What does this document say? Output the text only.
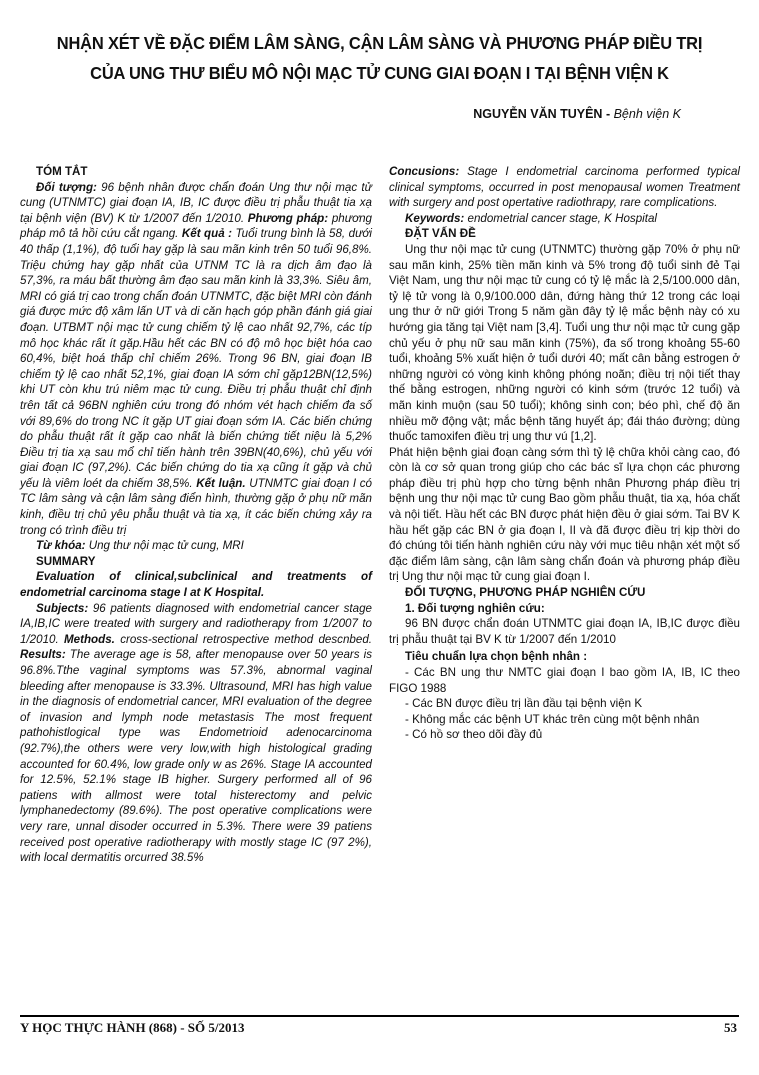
NHẬN XÉT VỀ ĐẶC ĐIỂM LÂM SÀNG, CẬN LÂM SÀNG VÀ PHƯƠNG PHÁP ĐIỀU TRỊ
CỦA UNG THƯ BIỂU MÔ NỘI MẠC TỬ CUNG GIAI ĐOẠN I TẠI BỆNH VIỆN K
NGUYỄN VĂN TUYÊN - Bệnh viện K

TÓM TẮT

Đối tượng: 96 bệnh nhân được chẩn đoán Ung thư nội mạc tử cung (UTNMTC) giai đoạn IA, IB, IC được điều trị phẫu thuật tia xạ tại bệnh viện (BV) K từ 1/2007 đến 1/2010. Phương pháp: phương pháp mô tả hồi cứu cắt ngang. Kết quả : Tuổi trung bình là 58, dưới 40 thấp (1,1%), độ tuổi hay gặp là sau mãn kinh trên 50 tuổi 96,8%. Triệu chứng hay gặp nhất của UTNM TC là ra dịch âm đạo là 57,3%, ra máu bất thường âm đạo sau mãn kinh là 33,3%. Siêu âm, MRI có giá trị cao trong chẩn đoán UTNMTC, đặc biệt MRI còn đánh giá được mức độ xâm lấn UT và di căn hạch góp phần đánh giá giai đoạn. UTBMT nội mạc tử cung chiếm tỷ lệ cao nhất 92,7%, các típ mô học khác rất ít gặp.Hầu hết các BN có độ mô học biệt hóa cao 60,4%, biệt hoá thấp chỉ chiếm 26%. Trong 96 BN, giai đoạn IB chiếm tỷ lệ cao nhất 52,1%, giai đoạn IA sớm chỉ gặp12BN(12,5%) khi UT còn khu trú niêm mạc tử cung. Điều trị phẫu thuật chỉ định trên tất cả 96BN nghiên cứu trong đó nhóm vét hạch chiếm đa số với 89,6% do trong NC ít gặp UT giai đoạn sớm IA. Các biến chứng do phẫu thuật rất ít gặp cao nhất là biến chứng tiết niệu là 5,2% Điều trị tia xạ sau mổ chỉ tiến hành trên 39BN(40,6%), chủ yếu với giai đoạn IC (97,2%). Các biến chứng do tia xạ cũng ít gặp và chủ yếu là viêm loét da chiếm 38,5%. Kết luận. UTNMTC giai đoạn I có TC lâm sàng và cận lâm sàng điển hình, thường gặp ở phụ nữ mãn kinh, điều trị chủ yêu phẫu thuật và tia xạ, ít các biến chứng xảy ra trong có trình điều trị

Từ khóa: Ung thư nội mạc tử cung, MRI

SUMMARY

Evaluation of clinical,subclinical and treatments of endometrial carcinoma stage I at K Hospital.

Subjects: 96 patients diagnosed with endometrial cancer stage IA,IB,IC were treated with surgery and radiotherapy from 1/2007 to 1/2010. Methods. cross-sectional retrospective method descnbed. Results: The average age is 58, after menopause over 50 years is 96.8%.Tthe vaginal symptoms was 57.3%, abnormal vaginal bleeding after menopause is 33.3%. Ultrasound, MRI has high value in the diagnosis of endometrial cancer, MRI evaluation of the degree of invasion and lymph node metastasis The most frequent pathohistlogical type was Endometrioid adenocarcinoma (92.7%),the others were very low,with high histological grading accounted for 60.4%, low grade only w as 26%. Stage IA accounted for 12.5%, 52.1% stage IB higher. Surgery performed all of 96 patiens with allmost were total histerectomy and pelvic lymphanedectomy (89.6%). The post operative complications were very rare, unnal disoder occurred in 5.3%. There were 39 patiens received post operative radiotherapy with mostly stage IC (97 2%), with local dermatitis orcurred 38.5%

Concusions: Stage I endometrial carcinoma performed typical clinical symptoms, occurred in post menopausal women Treatment with surgery and post opertative radiothrapy, rare complications.

Keywords: endometrial cancer stage, K Hospital

ĐẶT VẤN ĐỀ

Ung thư nội mạc tử cung (UTNMTC) thường gặp 70% ở phụ nữ sau mãn kinh, 25% tiền mãn kinh và 5% trong độ tuổi sinh đẻ Tại Việt Nam, ung thư nội mạc tử cung có tỷ lệ mắc là 2,5/100.000 dân, tỷ lệ tử vong là 0,9/100.000 dân, đứng hàng thứ 12 trong các loại ung thư ở nữ giới Trong 5 năm gần đây tỷ lệ mắc bệnh này có xu hướng gia tăng tại Việt nam [3,4]. Tuổi ung thư nội mạc tử cung gặp chủ yếu ở phụ nữ sau mãn kinh (75%), đa số trong khoảng 55-60 tuổi, khoảng 5% xuất hiện ở tuổi dưới 40; mất cân bằng estrogen ở những người có vòng kinh không phóng noãn; điều trị nội tiết thay thế bằng estrogen, những người có kinh sớm (trước 12 tuổi) và mãn kinh muộn (sau 50 tuổi); không sinh con; béo phì, chế độ ăn nhiều mỡ động vật; mắc bệnh tăng huyết áp; đái tháo đường; dùng thuốc tamoxifen điều trị ung thư vú [1,2].

Phát hiện bệnh giai đoạn càng sớm thì tỷ lệ chữa khỏi càng cao, đó còn là cơ sở quan trong giúp cho các bác sĩ lựa chọn các phương pháp điều trị phù hợp cho từng bệnh nhân Phương pháp điều trị bệnh ung thư nội mạc tử cung Bao gồm phẫu thuật, tia xạ, hóa chất và nội tiết. Hầu hết các BN được phát hiện đều ở giai sớm. Tai BV K hầu hết gặp các BN ở gia đoạn I, II và đã được điều trị kịp thời do đó chúng tôi tiến hành nghiên cứu này với mục tiêu nhận xét một số đặc điểm lâm sàng, cận lâm sàng chẩn đoán và phương pháp điều trị Ung thư nội mạc tử cung giai đoạn I.

ĐỐI TƯỢNG, PHƯƠNG PHÁP NGHIÊN CỨU

1. Đối tượng nghiên cứu:

96 BN được chẩn đoán UTNMTC giai đoạn IA, IB,IC được điều trị phẫu thuật tại BV K từ 1/2007 đến 1/2010

Tiêu chuẩn lựa chọn bệnh nhân :

- Các BN ung thư NMTC giai đoạn I bao gồm IA, IB, IC theo FIGO 1988

- Các BN được điều trị lần đầu tại bệnh viện K

- Không mắc các bệnh UT khác trên cùng một bệnh nhân

- Có hồ sơ theo dõi đầy đủ

Y HỌC THỰC HÀNH (868) - SỐ 5/2013	53
